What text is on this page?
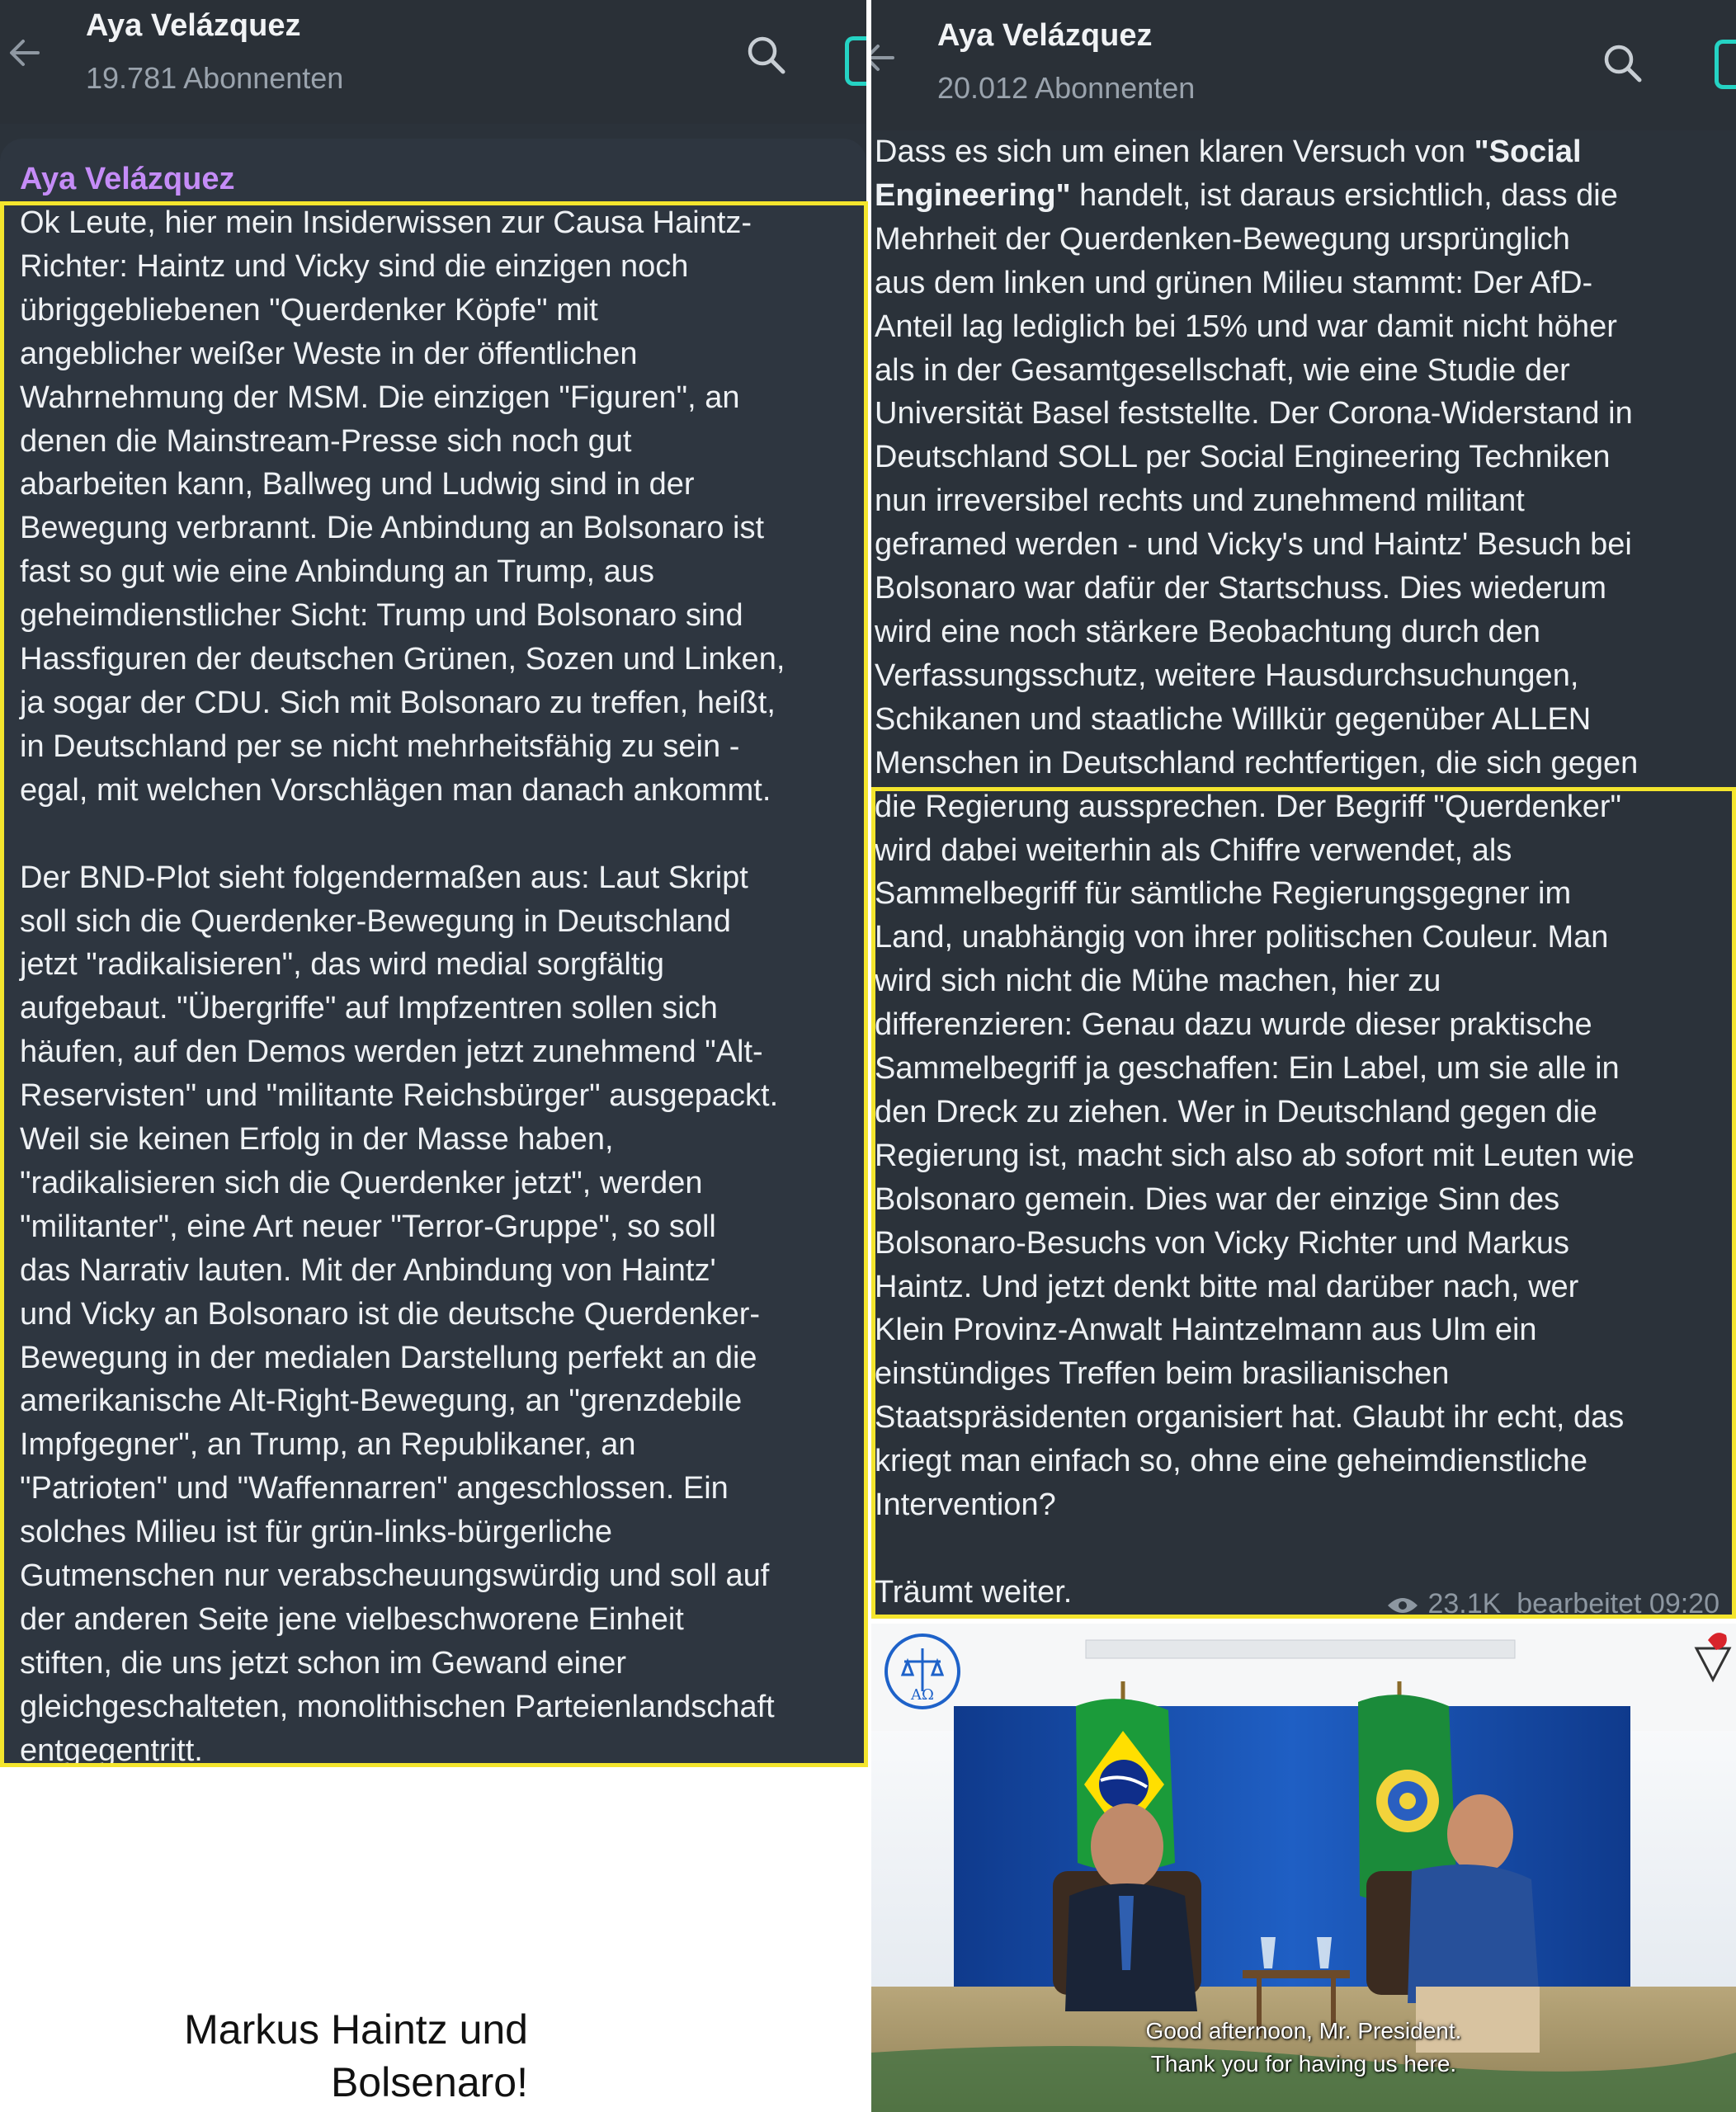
Aya Velázquez
19.781 Abonnenten
Aya Velázquez
Ok Leute, hier mein Insiderwissen zur Causa Haintz-
Richter: Haintz und Vicky sind die einzigen noch
übriggebliebenen "Querdenker Köpfe" mit
angeblicher weißer Weste in der öffentlichen
Wahrnehmung der MSM. Die einzigen "Figuren", an
denen die Mainstream-Presse sich noch gut
abarbeiten kann, Ballweg und Ludwig sind in der
Bewegung verbrannt. Die Anbindung an Bolsonaro ist
fast so gut wie eine Anbindung an Trump, aus
geheimdienstlicher Sicht: Trump und Bolsonaro sind
Hassfiguren der deutschen Grünen, Sozen und Linken,
ja sogar der CDU. Sich mit Bolsonaro zu treffen, heißt,
in Deutschland per se nicht mehrheitsfähig zu sein -
egal, mit welchen Vorschlägen man danach ankommt.

Der BND-Plot sieht folgendermaßen aus: Laut Skript
soll sich die Querdenker-Bewegung in Deutschland
jetzt "radikalisieren", das wird medial sorgfältig
aufgebaut. "Übergriffe" auf Impfzentren sollen sich
häufen, auf den Demos werden jetzt zunehmend "Alt-
Reservisten" und "militante Reichsbürger" ausgepackt.
Weil sie keinen Erfolg in der Masse haben,
"radikalisieren sich die Querdenker jetzt", werden
"militanter", eine Art neuer "Terror-Gruppe", so soll
das Narrativ lauten. Mit der Anbindung von Haintz'
und Vicky an Bolsonaro ist die deutsche Querdenker-
Bewegung in der medialen Darstellung perfekt an die
amerikanische Alt-Right-Bewegung, an "grenzdebile
Impfgegner", an Trump, an Republikaner, an
"Patrioten" und "Waffennarren" angeschlossen. Ein
solches Milieu ist für grün-links-bürgerliche
Gutmenschen nur verabscheuungswürdig und soll auf
der anderen Seite jene vielbeschworene Einheit
stiften, die uns jetzt schon im Gewand einer
gleichgeschalteten, monolithischen Parteienlandschaft
entgegentritt.
Aya Velázquez
20.012 Abonnenten
Dass es sich um einen klaren Versuch von "Social
Engineering" handelt, ist daraus ersichtlich, dass die
Mehrheit der Querdenken-Bewegung ursprünglich
aus dem linken und grünen Milieu stammt: Der AfD-
Anteil lag lediglich bei 15% und war damit nicht höher
als in der Gesamtgesellschaft, wie eine Studie der
Universität Basel feststellte. Der Corona-Widerstand in
Deutschland SOLL per Social Engineering Techniken
nun irreversibel rechts und zunehmend militant
geframed werden - und Vicky's und Haintz' Besuch bei
Bolsonaro war dafür der Startschuss. Dies wiederum
wird eine noch stärkere Beobachtung durch den
Verfassungsschutz, weitere Hausdurchsuchungen,
Schikanen und staatliche Willkür gegenüber ALLEN
Menschen in Deutschland rechtfertigen, die sich gegen
die Regierung aussprechen. Der Begriff "Querdenker"
wird dabei weiterhin als Chiffre verwendet, als
Sammelbegriff für sämtliche Regierungsgegner im
Land, unabhängig von ihrer politischen Couleur. Man
wird sich nicht die Mühe machen, hier zu
differenzieren: Genau dazu wurde dieser praktische
Sammelbegriff ja geschaffen: Ein Label, um sie alle in
den Dreck zu ziehen. Wer in Deutschland gegen die
Regierung ist, macht sich also ab sofort mit Leuten wie
Bolsonaro gemein. Dies war der einzige Sinn des
Bolsonaro-Besuchs von Vicky Richter und Markus
Haintz. Und jetzt denkt bitte mal darüber nach, wer
Klein Provinz-Anwalt Haintzelmann aus Ulm ein
einstündiges Treffen beim brasilianischen
Staatspräsidenten organisiert hat. Glaubt ihr echt, das
kriegt man einfach so, ohne eine geheimdienstliche
Intervention?

Träumt weiter.	23.1K bearbeitet 09:20
AΩ
Good afternoon, Mr. President.
Thank you for having us here.
Markus Haintz und
Bolsenaro!
